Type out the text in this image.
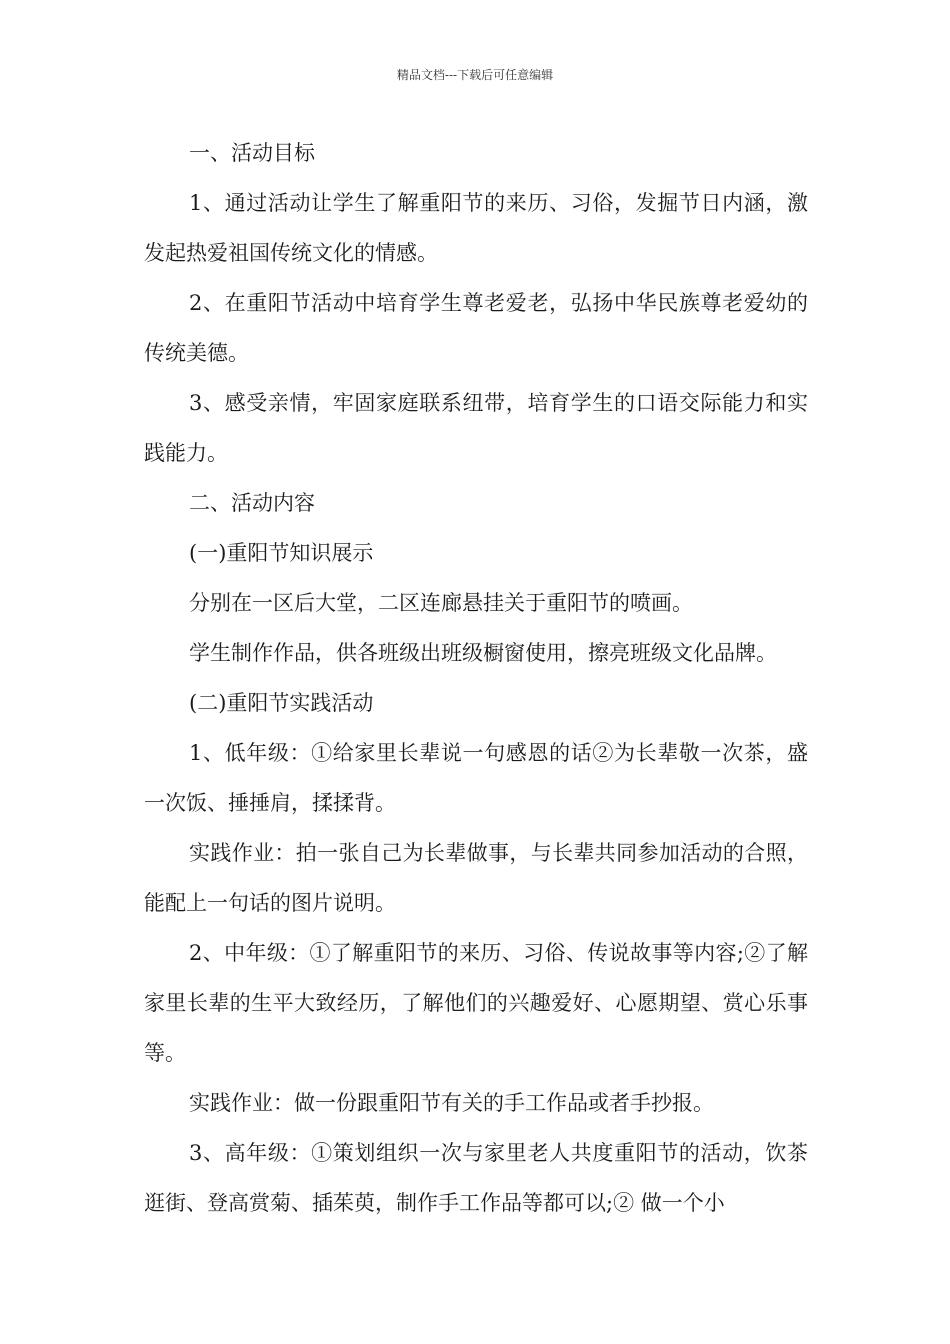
精品文档---下载后可任意编辑

一、活动目标

1、通过活动让学生了解重阳节的来历、习俗，发掘节日内涵，激发起热爱祖国传统文化的情感。

2、在重阳节活动中培育学生尊老爱老，弘扬中华民族尊老爱幼的传统美德。

3、感受亲情，牢固家庭联系纽带，培育学生的口语交际能力和实践能力。

二、活动内容

(一)重阳节知识展示

分别在一区后大堂，二区连廊悬挂关于重阳节的喷画。

学生制作作品，供各班级出班级橱窗使用，擦亮班级文化品牌。

(二)重阳节实践活动

1、低年级：①给家里长辈说一句感恩的话②为长辈敬一次茶，盛一次饭、捶捶肩，揉揉背。

实践作业：拍一张自己为长辈做事，与长辈共同参加活动的合照，能配上一句话的图片说明。

2、中年级：①了解重阳节的来历、习俗、传说故事等内容;②了解家里长辈的生平大致经历，了解他们的兴趣爱好、心愿期望、赏心乐事等。

实践作业：做一份跟重阳节有关的手工作品或者手抄报。

3、高年级：①策划组织一次与家里老人共度重阳节的活动，饮茶逛街、登高赏菊、插茱萸，制作手工作品等都可以;② 做一个小
